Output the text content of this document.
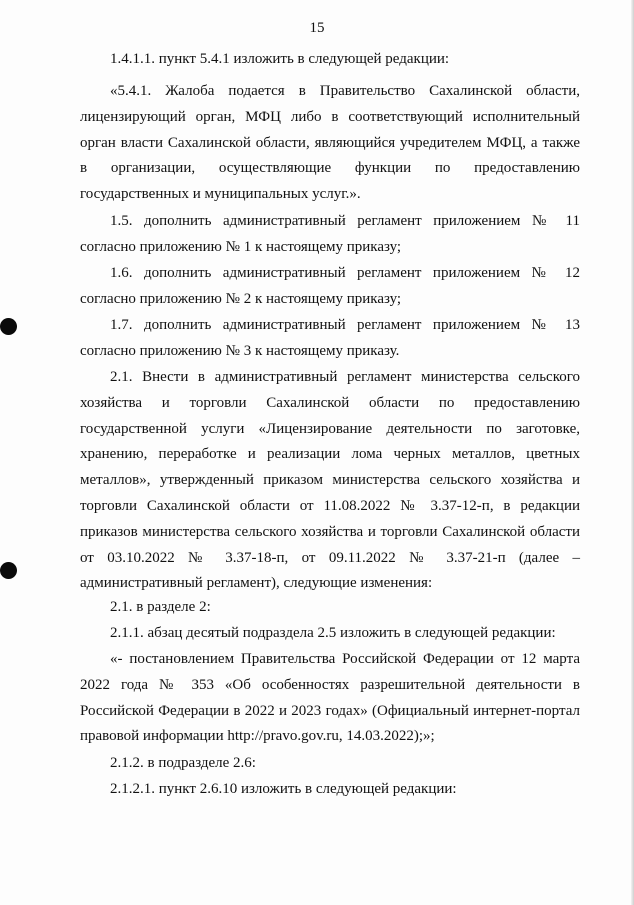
15

1.4.1.1. пункт 5.4.1 изложить в следующей редакции:

«5.4.1. Жалоба подается в Правительство Сахалинской области, лицензирующий орган, МФЦ либо в соответствующий исполнительный орган власти Сахалинской области, являющийся учредителем МФЦ, а также в организации, осуществляющие функции по предоставлению государственных и муниципальных услуг.».

1.5. дополнить административный регламент приложением № 11 согласно приложению № 1 к настоящему приказу;

1.6. дополнить административный регламент приложением № 12 согласно приложению № 2 к настоящему приказу;

1.7. дополнить административный регламент приложением № 13 согласно приложению № 3 к настоящему приказу.

2.1. Внести в административный регламент министерства сельского хозяйства и торговли Сахалинской области по предоставлению государственной услуги «Лицензирование деятельности по заготовке, хранению, переработке и реализации лома черных металлов, цветных металлов», утвержденный приказом министерства сельского хозяйства и торговли Сахалинской области от 11.08.2022 № 3.37-12-п, в редакции приказов министерства сельского хозяйства и торговли Сахалинской области от 03.10.2022 № 3.37-18-п, от 09.11.2022 № 3.37-21-п (далее – административный регламент), следующие изменения:

2.1. в разделе 2:

2.1.1. абзац десятый подраздела 2.5 изложить в следующей редакции:

«- постановлением Правительства Российской Федерации от 12 марта 2022 года № 353 «Об особенностях разрешительной деятельности в Российской Федерации в 2022 и 2023 годах» (Официальный интернет-портал правовой информации http://pravo.gov.ru, 14.03.2022);»;

2.1.2. в подразделе 2.6:

2.1.2.1. пункт 2.6.10 изложить в следующей редакции:
